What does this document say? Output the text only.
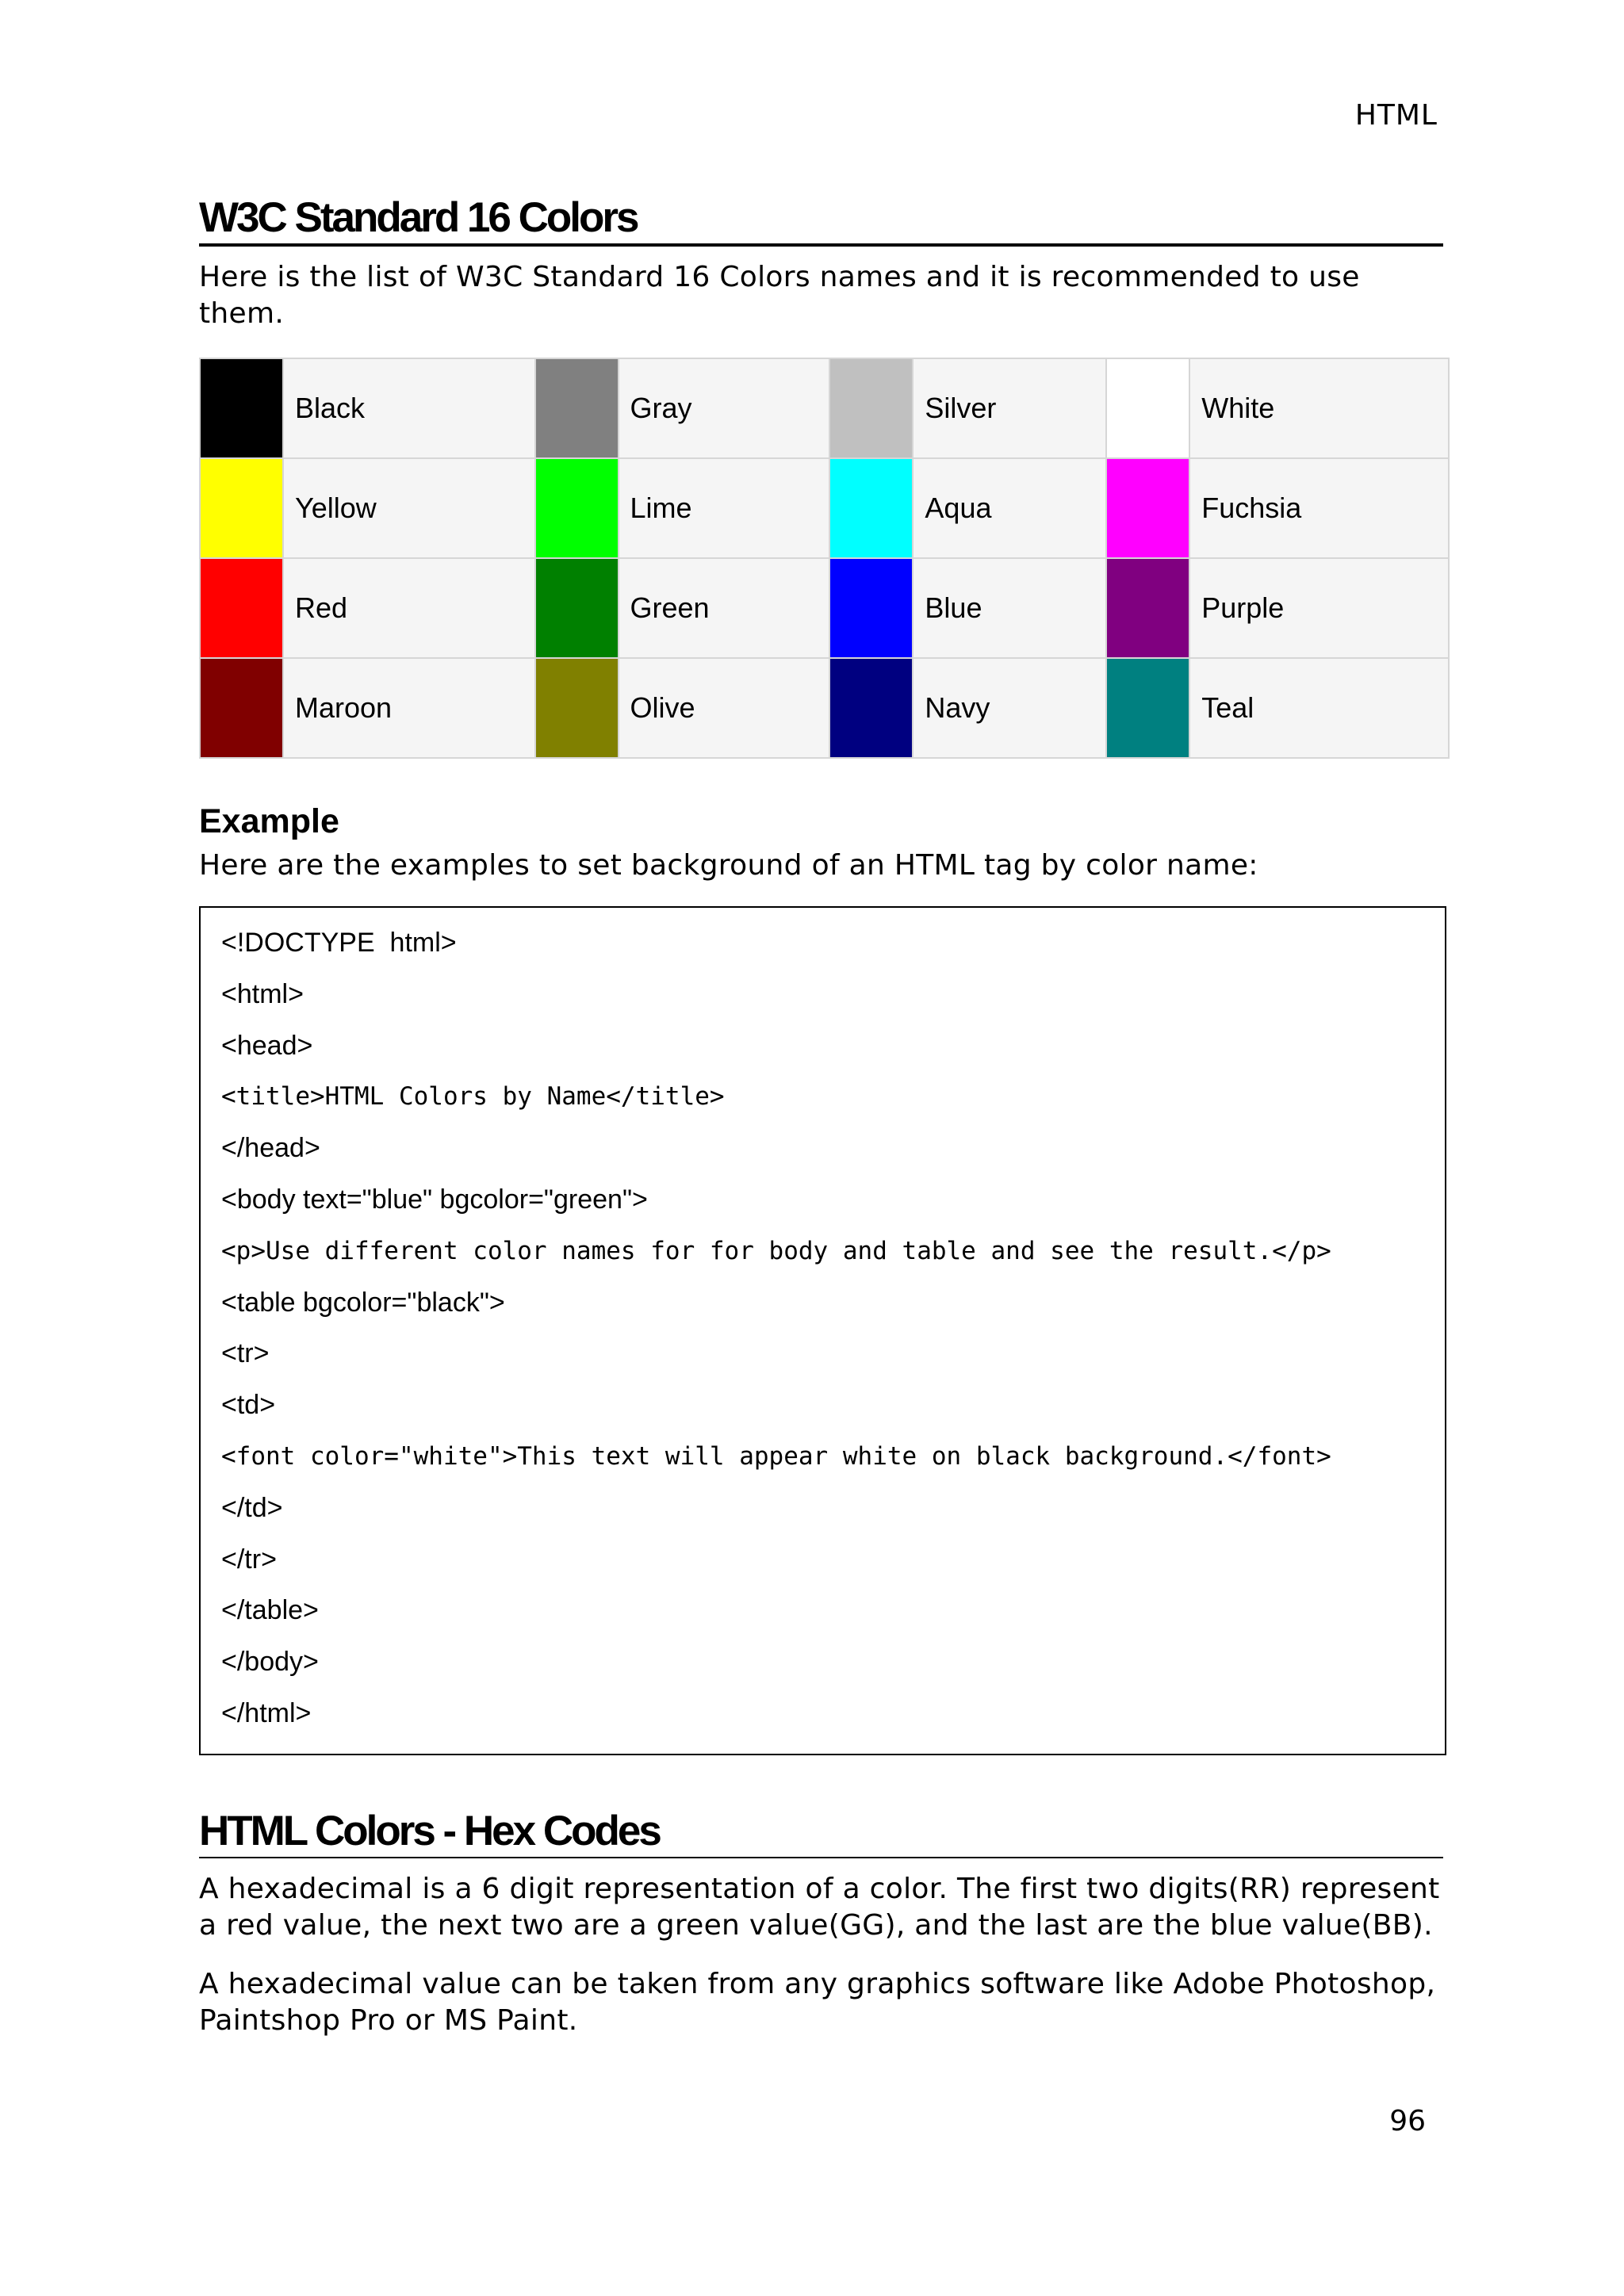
HTML
W3C Standard 16 Colors

Here is the list of W3C Standard 16 Colors names and it is recommended to use them.

	Black		Gray		Silver		White
	Yellow		Lime		Aqua		Fuchsia
	Red		Green		Blue		Purple
	Maroon		Olive		Navy		Teal
Example

Here are the examples to set background of an HTML tag by color name:

<!DOCTYPE  html>
<html>
<head>
<title>HTML Colors by Name</title>
</head>
<body text="blue" bgcolor="green">
<p>Use different color names for for body and table and see the result.</p>
<table bgcolor="black">
<tr>
<td>
<font color="white">This text will appear white on black background.</font>
</td>
</tr>
</table>
</body>
</html>
HTML Colors - Hex Codes

A hexadecimal is a 6 digit representation of a color. The first two digits(RR) represent a red value, the next two are a green value(GG), and the last are the blue value(BB).

A hexadecimal value can be taken from any graphics software like Adobe Photoshop, Paintshop Pro or MS Paint.

96
